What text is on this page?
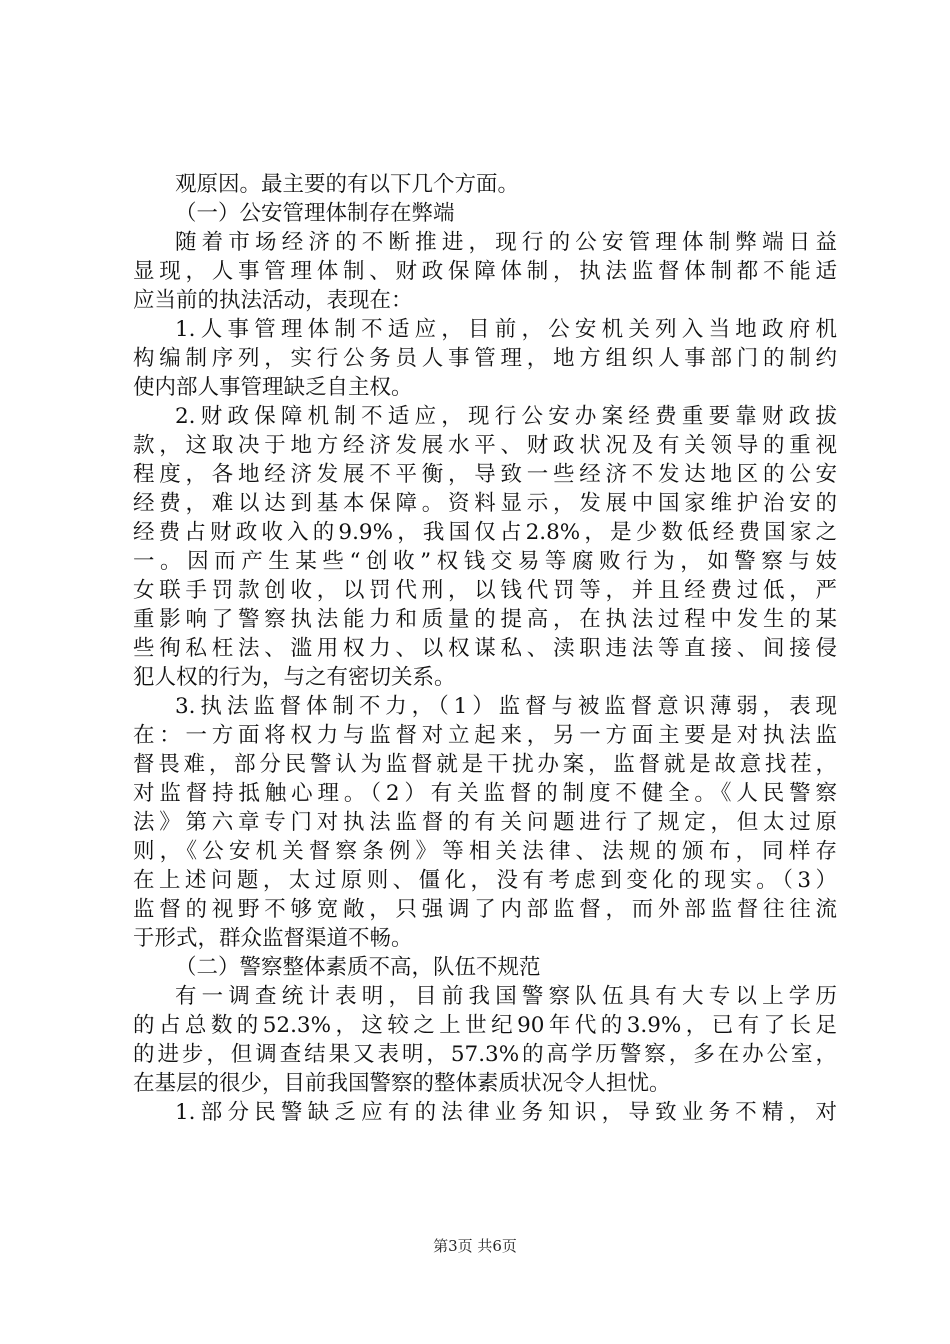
观原因。最主要的有以下几个方面。
（一）公安管理体制存在弊端
随着市场经济的不断推进，现行的公安管理体制弊端日益
显现，人事管理体制、财政保障体制，执法监督体制都不能适
应当前的执法活动，表现在：
1.人事管理体制不适应，目前，公安机关列入当地政府机
构编制序列，实行公务员人事管理，地方组织人事部门的制约
使内部人事管理缺乏自主权。
2.财政保障机制不适应，现行公安办案经费重要靠财政拔
款，这取决于地方经济发展水平、财政状况及有关领导的重视
程度，各地经济发展不平衡，导致一些经济不发达地区的公安
经费，难以达到基本保障。资料显示，发展中国家维护治安的
经费占财政收入的9.9%，我国仅占2.8%，是少数低经费国家之
一。因而产生某些“创收”权钱交易等腐败行为，如警察与妓
女联手罚款创收，以罚代刑，以钱代罚等，并且经费过低，严
重影响了警察执法能力和质量的提高，在执法过程中发生的某
些徇私枉法、滥用权力、以权谋私、渎职违法等直接、间接侵
犯人权的行为，与之有密切关系。
3.执法监督体制不力，（1）监督与被监督意识薄弱，表现
在：一方面将权力与监督对立起来，另一方面主要是对执法监
督畏难，部分民警认为监督就是干扰办案，监督就是故意找茬，
对监督持抵触心理。（2）有关监督的制度不健全。《人民警察
法》第六章专门对执法监督的有关问题进行了规定，但太过原
则，《公安机关督察条例》等相关法律、法规的颁布，同样存
在上述问题，太过原则、僵化，没有考虑到变化的现实。（3）
监督的视野不够宽敞，只强调了内部监督，而外部监督往往流
于形式，群众监督渠道不畅。
（二）警察整体素质不高，队伍不规范
有一调查统计表明，目前我国警察队伍具有大专以上学历
的占总数的52.3%，这较之上世纪90年代的3.9%，已有了长足
的进步，但调查结果又表明，57.3%的高学历警察，多在办公室，
在基层的很少，目前我国警察的整体素质状况令人担忧。
1.部分民警缺乏应有的法律业务知识，导致业务不精，对
第3页 共6页
